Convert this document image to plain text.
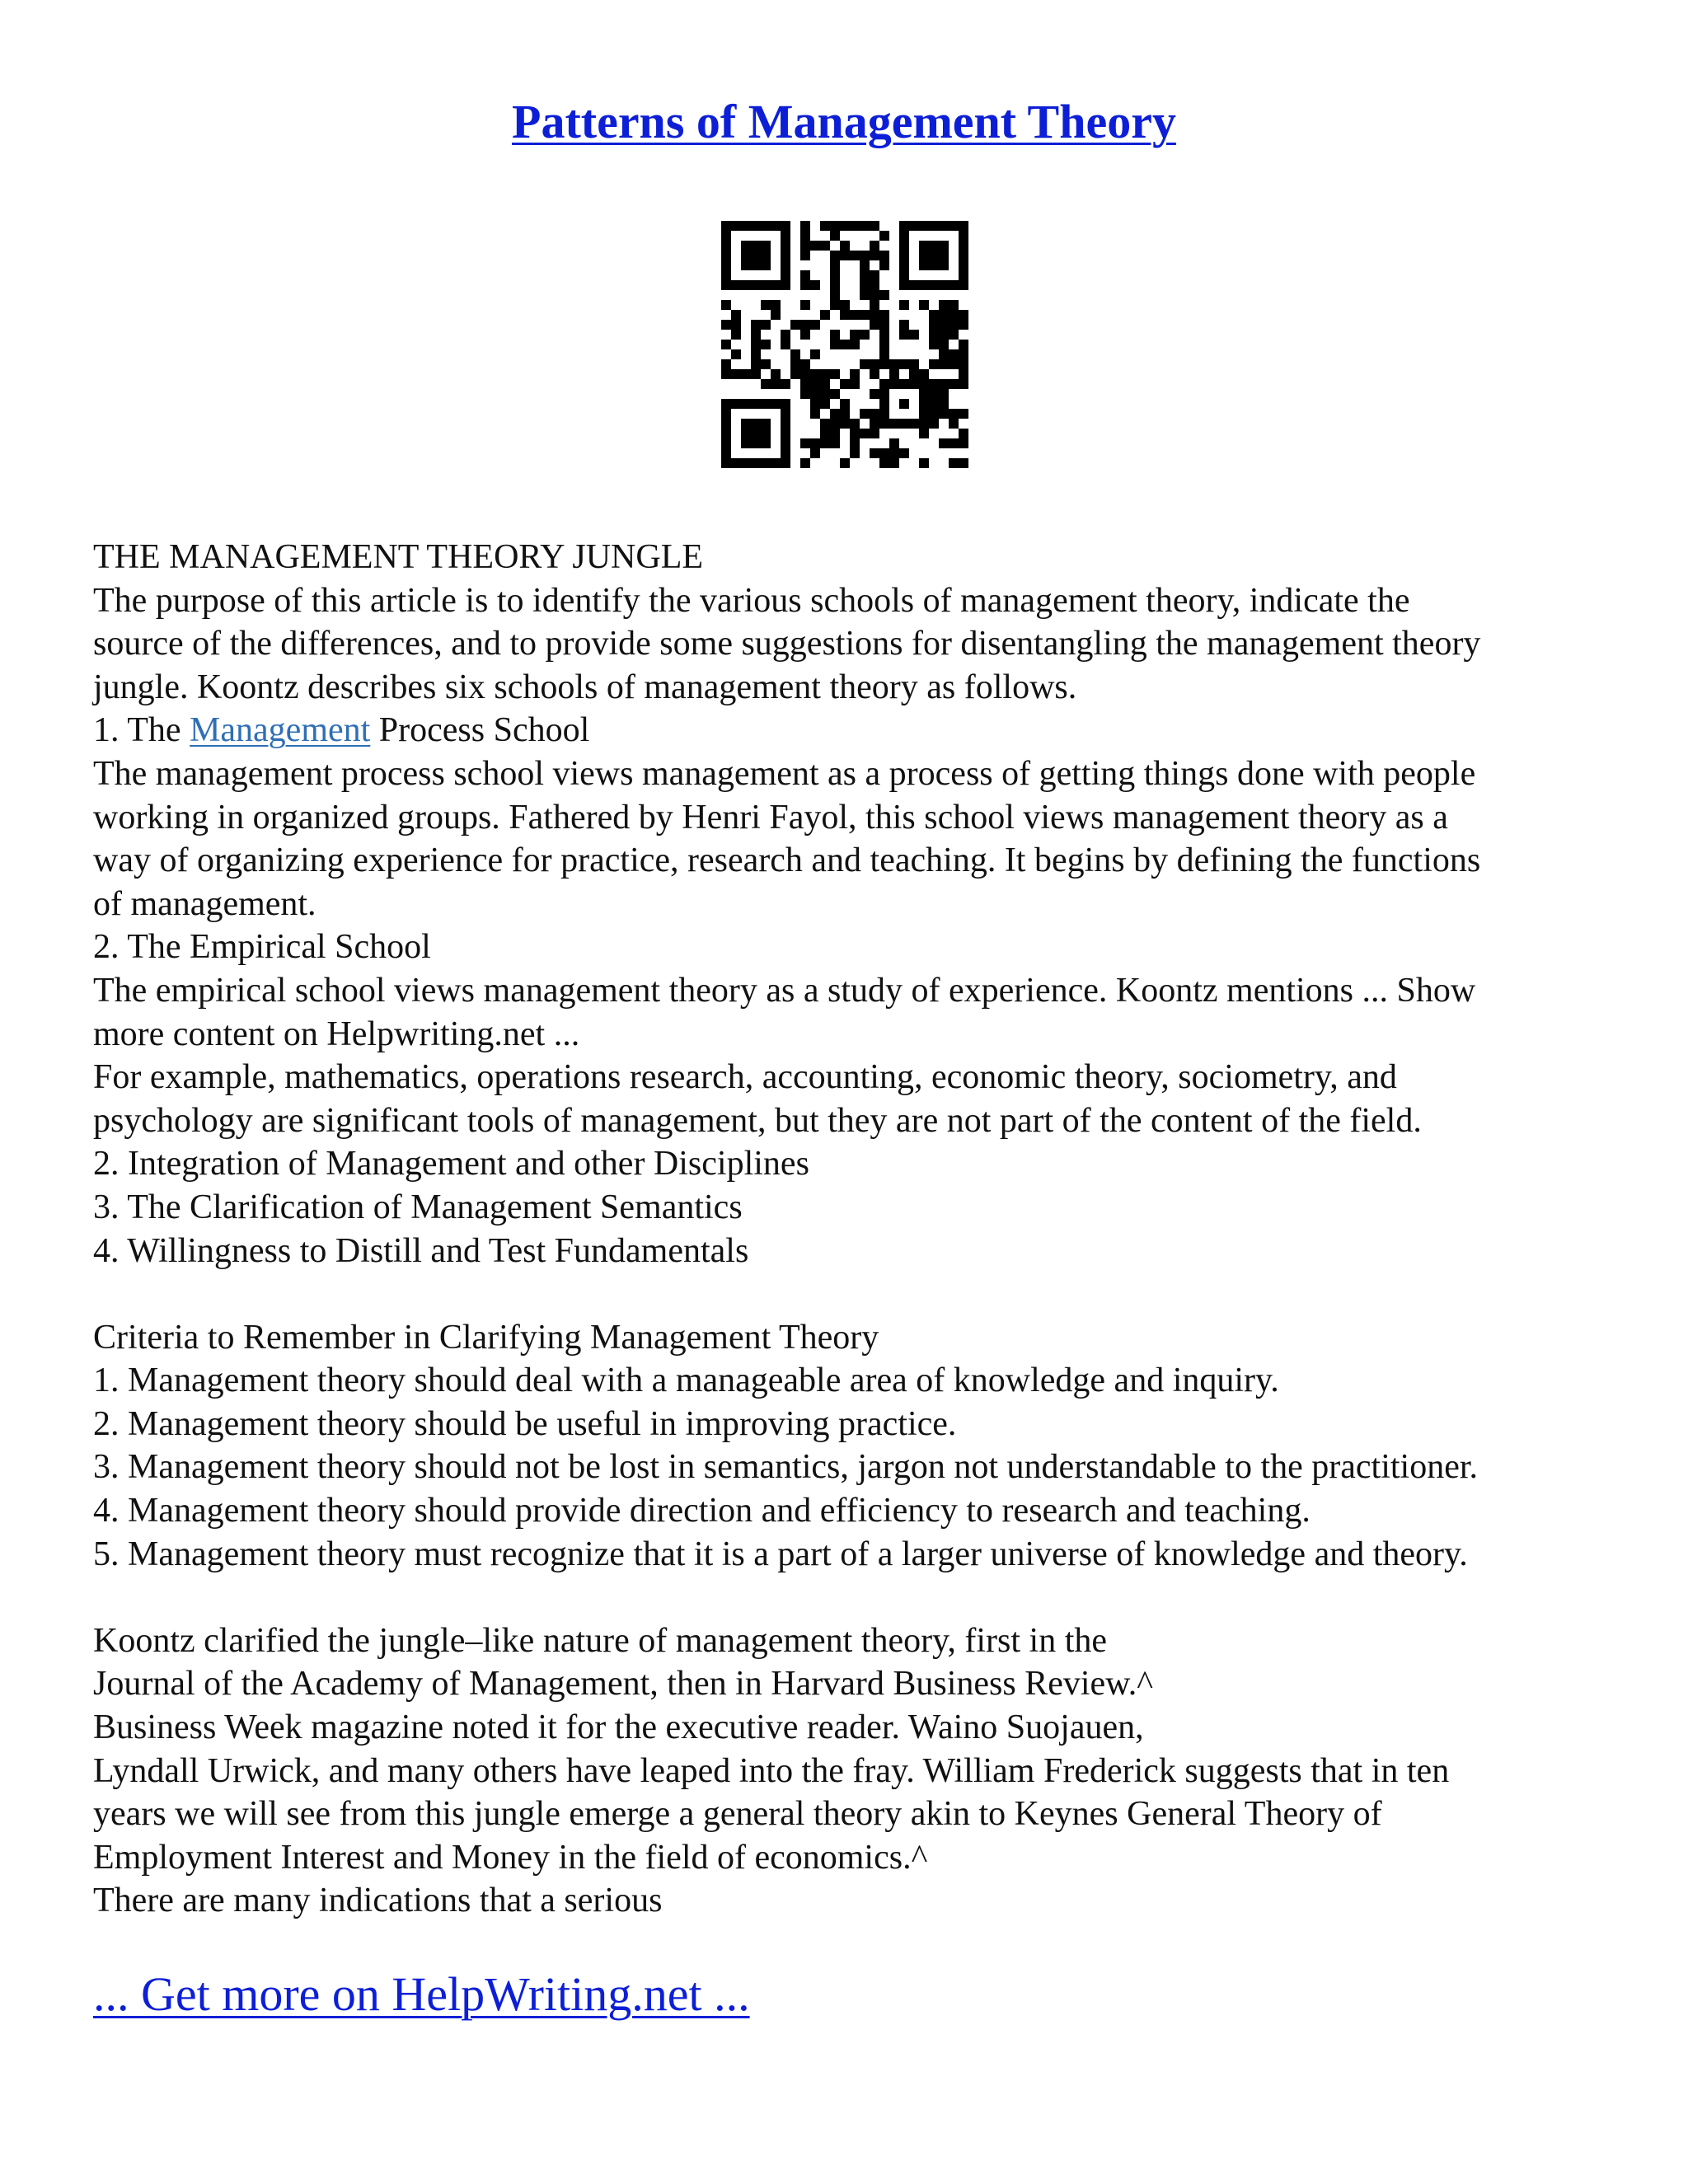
Patterns of Management Theory

THE MANAGEMENT THEORY JUNGLE

The purpose of this article is to identify the various schools of management theory, indicate the

source of the differences, and to provide some suggestions for disentangling the management theory

jungle. Koontz describes six schools of management theory as follows.

1. The Management Process School

The management process school views management as a process of getting things done with people

working in organized groups. Fathered by Henri Fayol, this school views management theory as a

way of organizing experience for practice, research and teaching. It begins by defining the functions

of management.

2. The Empirical School

The empirical school views management theory as a study of experience. Koontz mentions ... Show

more content on Helpwriting.net ...

For example, mathematics, operations research, accounting, economic theory, sociometry, and

psychology are significant tools of management, but they are not part of the content of the field.

2. Integration of Management and other Disciplines

3. The Clarification of Management Semantics

4. Willingness to Distill and Test Fundamentals

Criteria to Remember in Clarifying Management Theory

1. Management theory should deal with a manageable area of knowledge and inquiry.

2. Management theory should be useful in improving practice.

3. Management theory should not be lost in semantics, jargon not understandable to the practitioner.

4. Management theory should provide direction and efficiency to research and teaching.

5. Management theory must recognize that it is a part of a larger universe of knowledge and theory.

Koontz clarified the jungle–like nature of management theory, first in the

Journal of the Academy of Management, then in Harvard Business Review.^

Business Week magazine noted it for the executive reader. Waino Suojauen,

Lyndall Urwick, and many others have leaped into the fray. William Frederick suggests that in ten

years we will see from this jungle emerge a general theory akin to Keynes General Theory of

Employment Interest and Money in the field of economics.^

There are many indications that a serious

... Get more on HelpWriting.net ...
